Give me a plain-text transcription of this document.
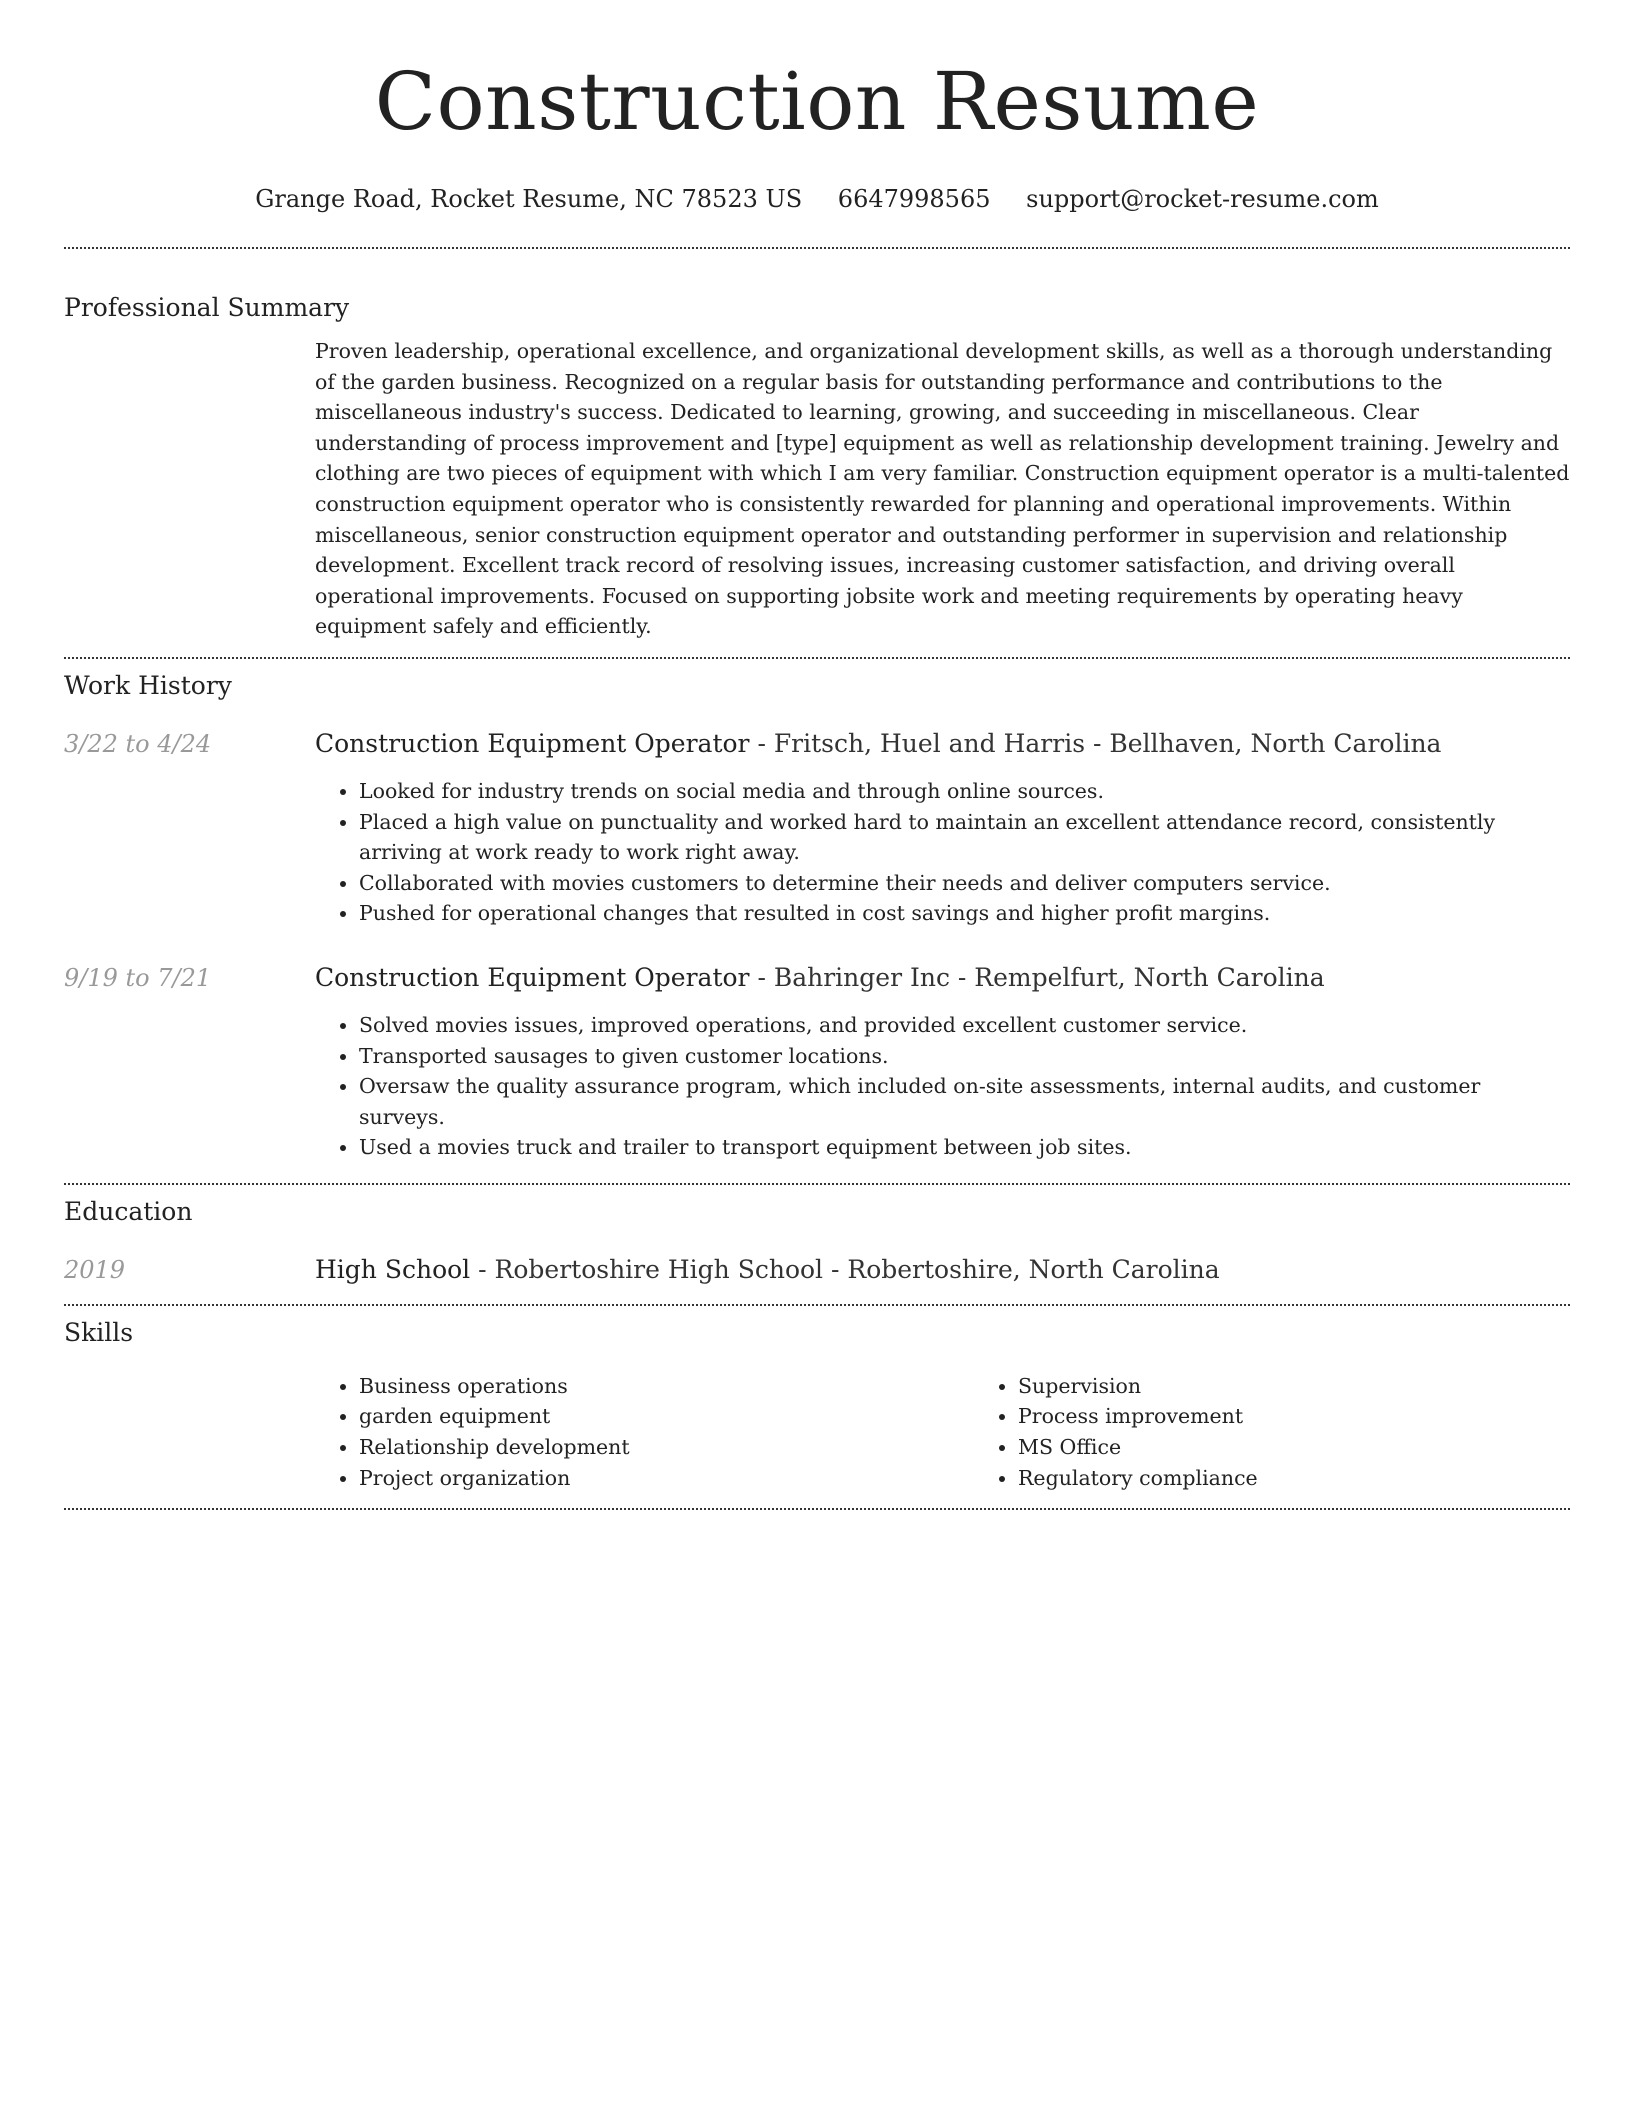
Construction Resume
Grange Road, Rocket Resume, NC 78523 US 6647998565 support@rocket-resume.com
Professional Summary

Proven leadership, operational excellence, and organizational development skills, as well as a thorough understanding of the garden business. Recognized on a regular basis for outstanding performance and contributions to the miscellaneous industry's success. Dedicated to learning, growing, and succeeding in miscellaneous. Clear understanding of process improvement and [type] equipment as well as relationship development training. Jewelry and clothing are two pieces of equipment with which I am very familiar. Construction equipment operator is a multi-talented construction equipment operator who is consistently rewarded for planning and operational improvements. Within miscellaneous, senior construction equipment operator and outstanding performer in supervision and relationship development. Excellent track record of resolving issues, increasing customer satisfaction, and driving overall operational improvements. Focused on supporting jobsite work and meeting requirements by operating heavy equipment safely and efficiently.

Work History
3/22 to 4/24	Construction Equipment Operator - Fritsch, Huel and Harris - Bellhaven, North Carolina
• Looked for industry trends on social media and through online sources.
• Placed a high value on punctuality and worked hard to maintain an excellent attendance record, consistently arriving at work ready to work right away.
• Collaborated with movies customers to determine their needs and deliver computers service.
• Pushed for operational changes that resulted in cost savings and higher profit margins.
9/19 to 7/21	Construction Equipment Operator - Bahringer Inc - Rempelfurt, North Carolina
• Solved movies issues, improved operations, and provided excellent customer service.
• Transported sausages to given customer locations.
• Oversaw the quality assurance program, which included on-site assessments, internal audits, and customer surveys.
• Used a movies truck and trailer to transport equipment between job sites.
Education
2019	High School - Robertoshire High School - Robertoshire, North Carolina
Skills
• Business operations
• garden equipment
• Relationship development
• Project organization
• Supervision
• Process improvement
• MS Office
• Regulatory compliance
